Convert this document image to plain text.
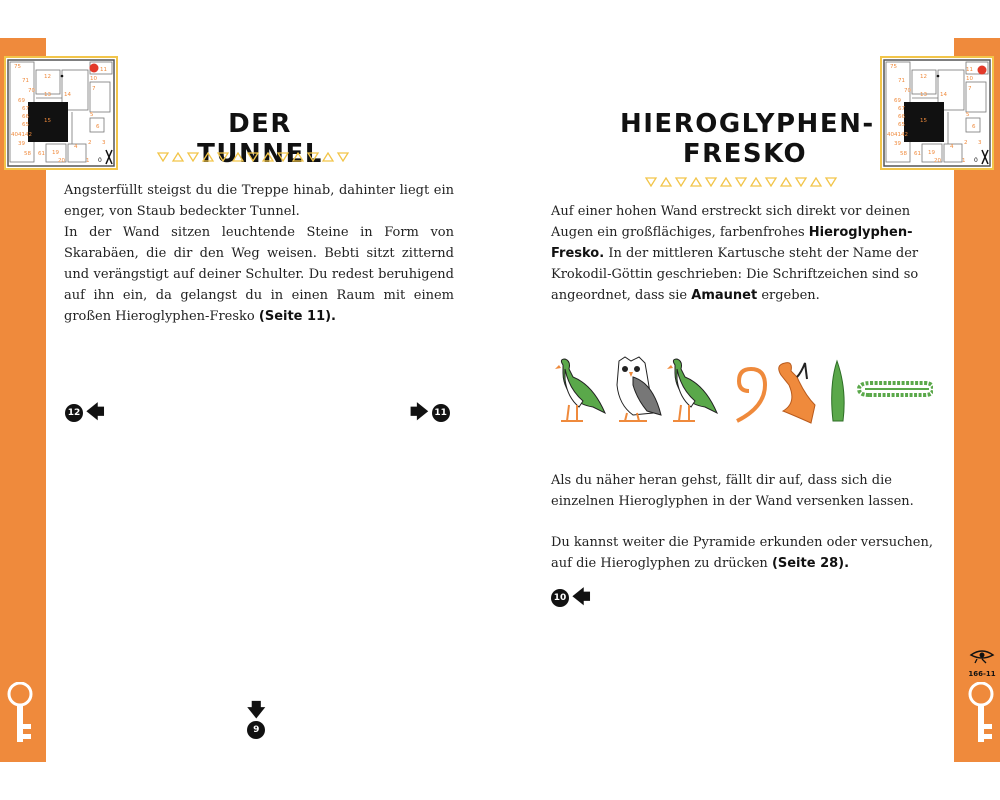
75
71
70
69
67
66
65
404142
39
58 61
12
13 14
11
10
7
5
6
4
2 3
19
20	1
15
0
75
71
70
69
67
66
65
404142
39
58 61
12
13 14
11
10
7
5
6
4
2 3
19
20	1
15
0
DER TUNNEL

Angsterfüllt steigst du die Treppe hinab, dahinter liegt ein enger, von Staub bedeckter Tunnel.

In der Wand sitzen leuchtende Steine in Form von Skarabäen, die dir den Weg weisen. Bebti sitzt zitternd und verängstigt auf deiner Schulter. Du redest beruhigend auf ihn ein, da gelangst du in einen Raum mit einem großen Hieroglyphen-Fresko (Seite 11).

12 🡄	🡆 11
🡇
9
10
HIEROGLYPHEN-
FRESKO

Auf einer hohen Wand erstreckt sich direkt vor deinen Augen ein großflächiges, farbenfrohes Hieroglyphen-Fresko. In der mittleren Kartusche steht der Name der Krokodil-Göttin geschrieben: Die Schriftzeichen sind so angeordnet, dass sie Amaunet ergeben.

Als du näher heran gehst, fällt dir auf, dass sich die einzelnen Hieroglyphen in der Wand versenken lassen.

Du kannst weiter die Pyramide erkunden oder versuchen, auf die Hieroglyphen zu drücken (Seite 28).

10 🡄
166-11
11
